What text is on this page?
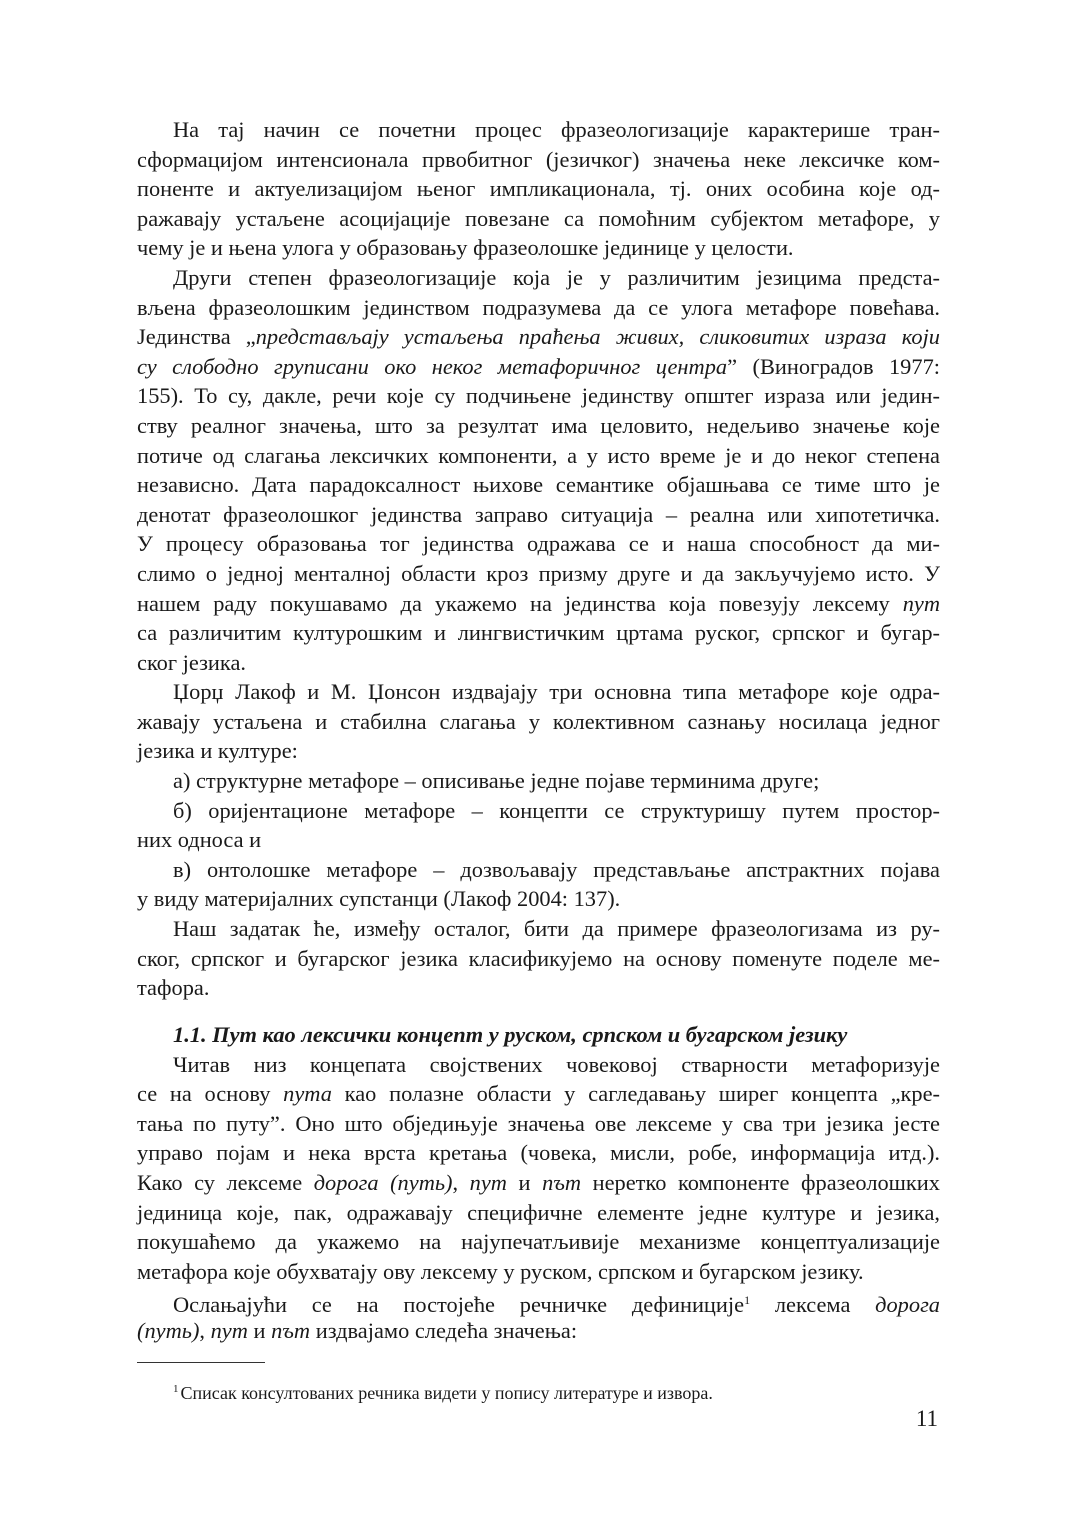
На тај начин се почетни процес фразеологизације карактерише тран-
сформацијом интенсионала првобитног (језичког) значења неке лексичке ком-
поненте и актуелизацијом њеног импликационала, тј. оних особина које од-
ражавају устаљене асоцијације повезане са помоћним субјектом метафоре, у
чему је и њена улога у образовању фразеолошке јединице у целости.
Други степен фразеологизације која је у различитим језицима предста-
вљена фразеолошким јединством подразумева да се улога метафоре повећава.
Јединства „представљају устаљења праћења живих, сликовитих израза који
су слободно груписани око неког метафоричног центра” (Виноградов 1977:
155). То су, дакле, речи које су подчињене јединству општег израза или једин-
ству реалног значења, што за резултат има целовито, недељиво значење које
потиче од слагања лексичких компоненти, а у исто време је и до неког степена
независно. Дата парадоксалност њихове семантике објашњава се тиме што је
денотат фразеолошког јединства заправо ситуација – реална или хипотетичка.
У процесу образовања тог јединства одражава се и наша способност да ми-
слимо о једној менталној области кроз призму друге и да закључујемо исто. У
нашем раду покушавамо да укажемо на јединства која повезују лексему пут
са различитим културошким и лингвистичким цртама руског, српског и бугар-
ског језика.
Џорџ Лакоф и М. Џонсон издвајају три основна типа метафоре које одра-
жавају устаљена и стабилна слагања у колективном сазнању носилаца једног
језика и културе:
а) структурне метафоре – описивање једне појаве терминима друге;
б) оријентационе метафоре – концепти се структуришу путем простор-
них односа и
в) онтолошке метафоре – дозвољавају представљање апстрактних појава
у виду материјалних супстанци (Лакоф 2004: 137).
Наш задатак ће, између осталог, бити да примере фразеологизама из ру-
ског, српског и бугарског језика класификујемо на основу поменуте поделе ме-
тафора.
1.1. Пут као лексички концепт у руском, српском и бугарском језику
Читав низ концепата својствених човековој стварности метафоризује
се на основу пута као полазне области у сагледавању ширег концепта „кре-
тања по путу”. Оно што обједињује значења ове лексеме у сва три језика јесте
управо појам и нека врста кретања (човека, мисли, робе, информација итд.).
Како су лексеме дорога (путь), пут и път неретко компоненте фразеолошких
јединица које, пак, одражавају специфичне елементе једне културе и језика,
покушаћемо да укажемо на најупечатљивије механизме концептуализације
метафора које обухватају ову лексему у руском, српском и бугарском језику.
Ослањајући се на постојеће речничке дефиниције$^1$ лексема дорога
(путь), пут и път издвајамо следећа значења:
$^1$ Списак консултованих речника видети у попису литературе и извора.
11
